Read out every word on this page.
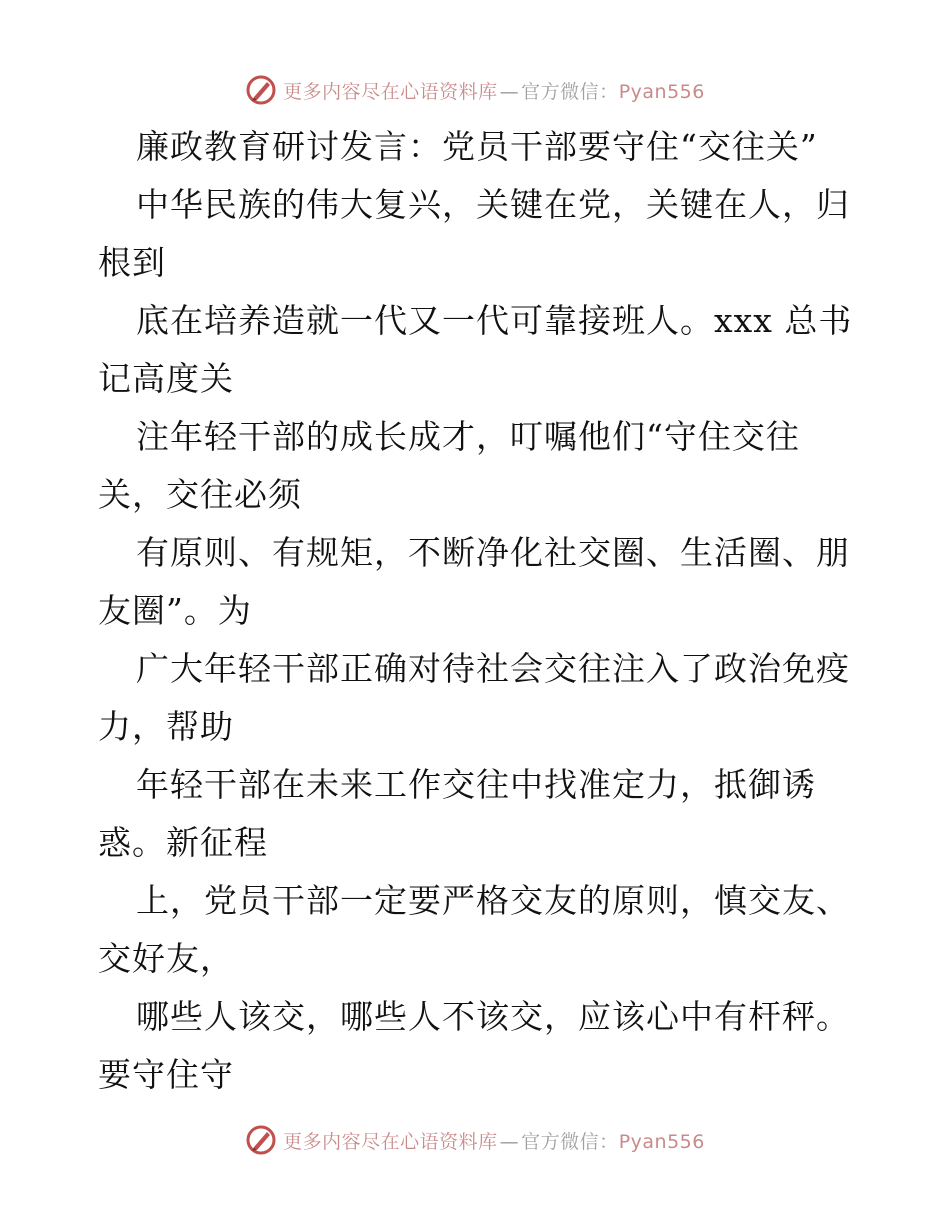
更多内容尽在心语资料库 — 官方微信：Pyan556
廉政教育研讨发言：党员干部要守住“交往关”
中华民族的伟大复兴，关键在党，关键在人，归
根到
底在培养造就一代又一代可靠接班人。xxx 总书
记高度关
注年轻干部的成长成才，叮嘱他们“守住交往
关，交往必须
有原则、有规矩，不断净化社交圈、生活圈、朋
友圈”。为
广大年轻干部正确对待社会交往注入了政治免疫
力，帮助
年轻干部在未来工作交往中找准定力，抵御诱
惑。新征程
上，党员干部一定要严格交友的原则，慎交友、
交好友，
哪些人该交，哪些人不该交，应该心中有杆秤。
要守住守
更多内容尽在心语资料库 — 官方微信：Pyan556
